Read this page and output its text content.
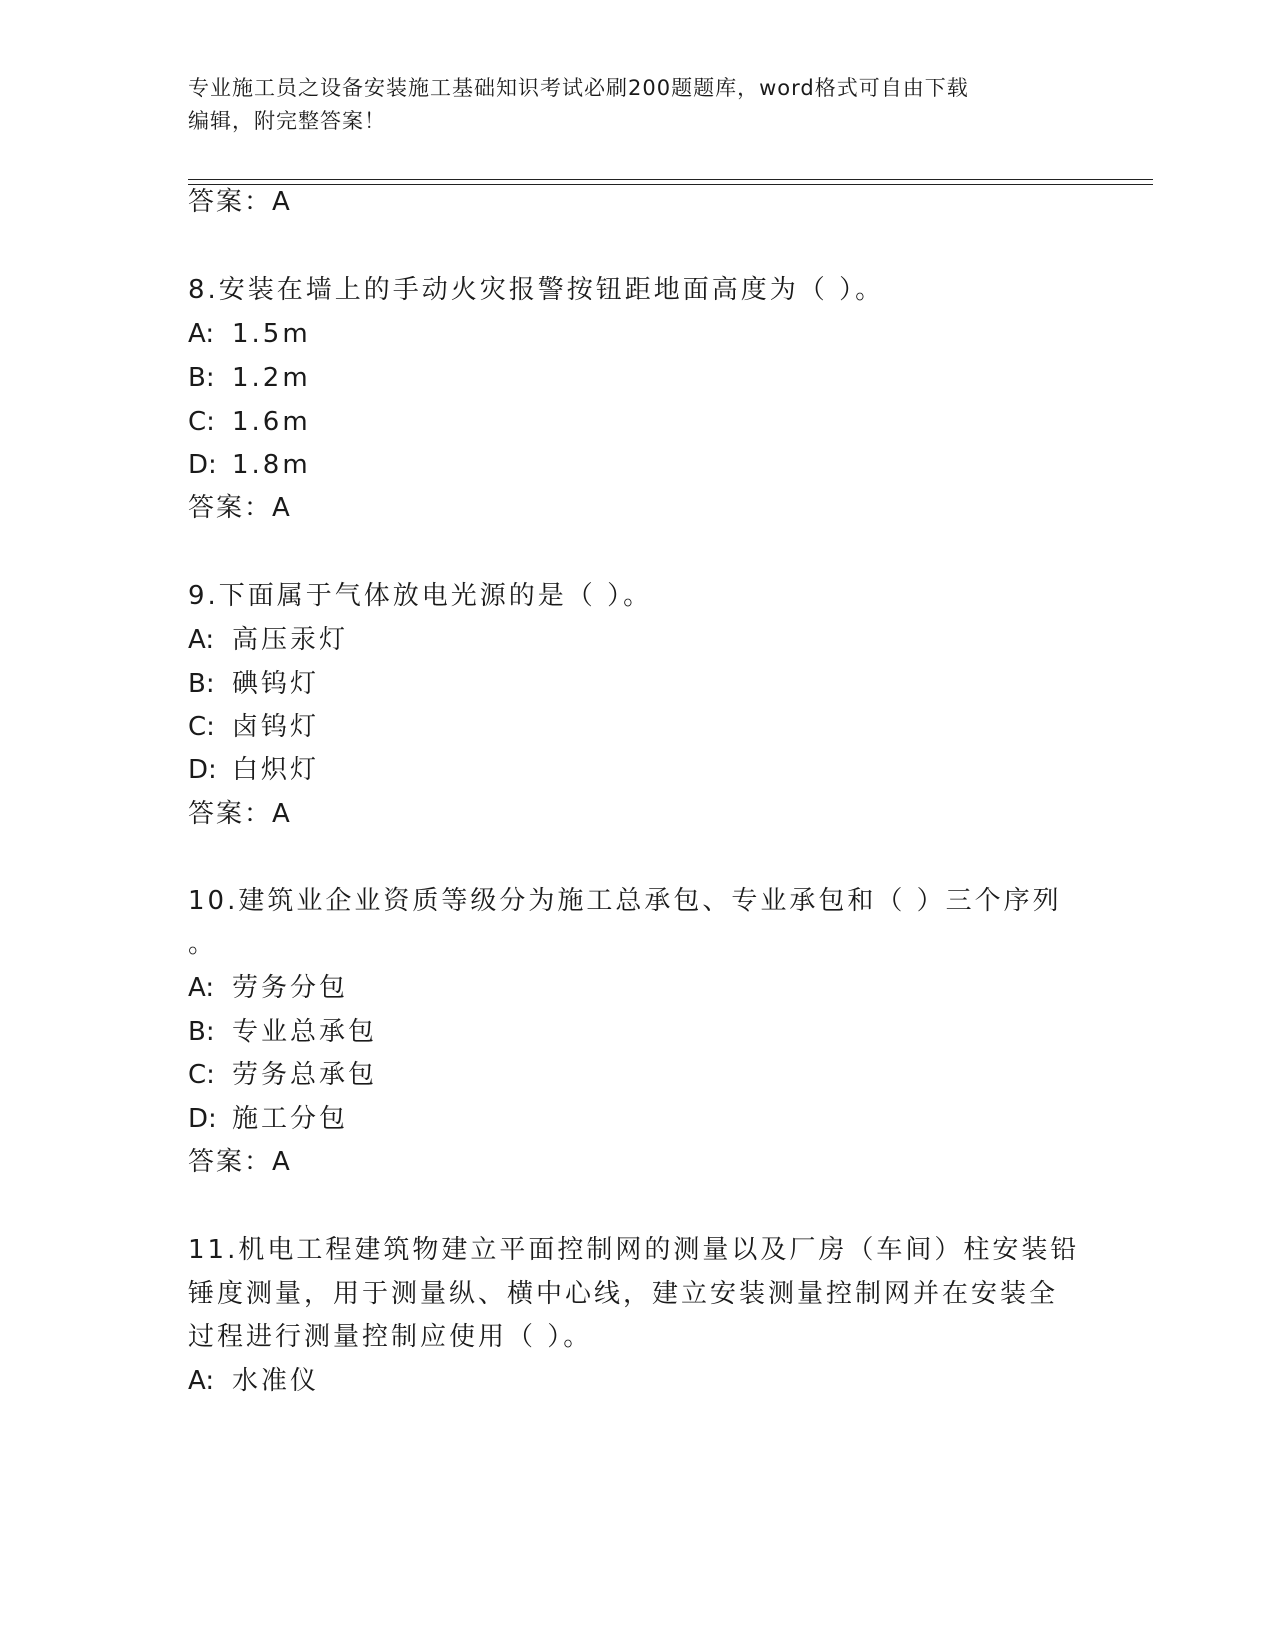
专业施工员之设备安装施工基础知识考试必刷200题题库，word格式可自由下载
编辑，附完整答案！
答案：A
8.安装在墙上的手动火灾报警按钮距地面高度为（ ）。
A: 1.5m
B: 1.2m
C: 1.6m
D: 1.8m
答案：A
9.下面属于气体放电光源的是（ ）。
A: 高压汞灯
B: 碘钨灯
C: 卤钨灯
D: 白炽灯
答案：A
10.建筑业企业资质等级分为施工总承包、专业承包和（ ）三个序列
。
A: 劳务分包
B: 专业总承包
C: 劳务总承包
D: 施工分包
答案：A
11.机电工程建筑物建立平面控制网的测量以及厂房（车间）柱安装铅
锤度测量，用于测量纵、横中心线，建立安装测量控制网并在安装全
过程进行测量控制应使用（ ）。
A: 水准仪
